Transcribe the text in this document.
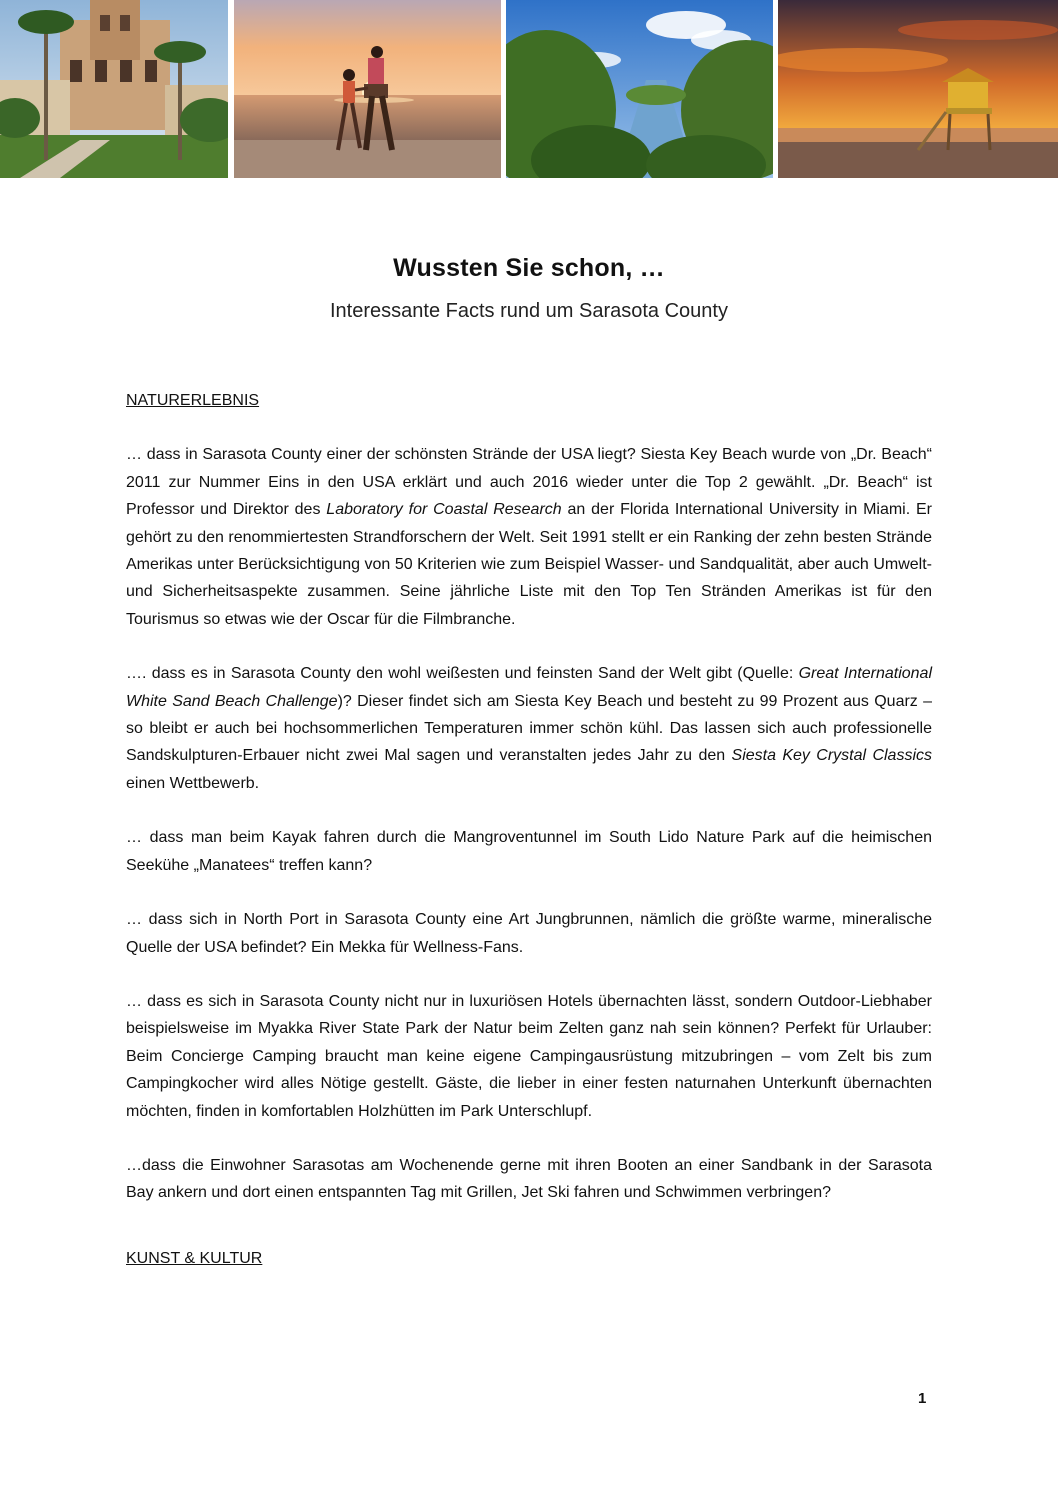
Wussten Sie schon, …
Interessante Facts rund um Sarasota County

NATURERLEBNIS

… dass in Sarasota County einer der schönsten Strände der USA liegt? Siesta Key Beach wurde von „Dr. Beach“ 2011 zur Nummer Eins in den USA erklärt und auch 2016 wieder unter die Top 2 gewählt. „Dr. Beach“ ist Professor und Direktor des Laboratory for Coastal Research an der Florida International University in Miami. Er gehört zu den renommiertesten Strandforschern der Welt. Seit 1991 stellt er ein Ranking der zehn besten Strände Amerikas unter Berücksichtigung von 50 Kriterien wie zum Beispiel Wasser- und Sandqualität, aber auch Umwelt- und Sicherheitsaspekte zusammen. Seine jährliche Liste mit den Top Ten Stränden Amerikas ist für den Tourismus so etwas wie der Oscar für die Filmbranche.

…. dass es in Sarasota County den wohl weißesten und feinsten Sand der Welt gibt (Quelle: Great International White Sand Beach Challenge)? Dieser findet sich am Siesta Key Beach und besteht zu 99 Prozent aus Quarz – so bleibt er auch bei hochsommerlichen Temperaturen immer schön kühl. Das lassen sich auch professionelle Sandskulpturen-Erbauer nicht zwei Mal sagen und veranstalten jedes Jahr zu den Siesta Key Crystal Classics einen Wettbewerb.

… dass man beim Kayak fahren durch die Mangroventunnel im South Lido Nature Park auf die heimischen Seekühe „Manatees“ treffen kann?

… dass sich in North Port in Sarasota County eine Art Jungbrunnen, nämlich die größte warme, mineralische Quelle der USA befindet? Ein Mekka für Wellness-Fans.

… dass es sich in Sarasota County nicht nur in luxuriösen Hotels übernachten lässt, sondern Outdoor-Liebhaber beispielsweise im Myakka River State Park der Natur beim Zelten ganz nah sein können? Perfekt für Urlauber: Beim Concierge Camping braucht man keine eigene Campingausrüstung mitzubringen – vom Zelt bis zum Campingkocher wird alles Nötige gestellt. Gäste, die lieber in einer festen naturnahen Unterkunft übernachten möchten, finden in komfortablen Holzhütten im Park Unterschlupf.

…dass die Einwohner Sarasotas am Wochenende gerne mit ihren Booten an einer Sandbank in der Sarasota Bay ankern und dort einen entspannten Tag mit Grillen, Jet Ski fahren und Schwimmen verbringen?

KUNST & KULTUR

1
